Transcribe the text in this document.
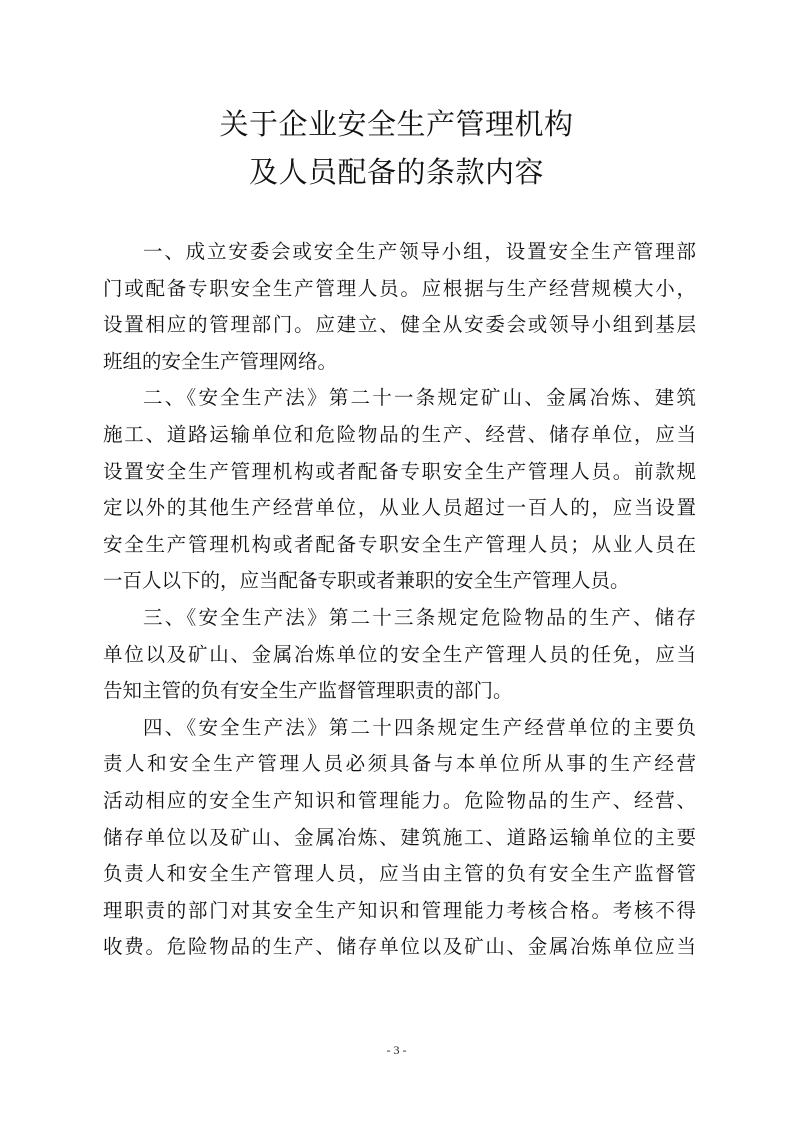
关于企业安全生产管理机构
及人员配备的条款内容
一、成立安委会或安全生产领导小组，设置安全生产管理部
门或配备专职安全生产管理人员。应根据与生产经营规模大小，
设置相应的管理部门。应建立、健全从安委会或领导小组到基层
班组的安全生产管理网络。
二、《安全生产法》第二十一条规定矿山、金属冶炼、建筑
施工、道路运输单位和危险物品的生产、经营、储存单位，应当
设置安全生产管理机构或者配备专职安全生产管理人员。前款规
定以外的其他生产经营单位，从业人员超过一百人的，应当设置
安全生产管理机构或者配备专职安全生产管理人员；从业人员在
一百人以下的，应当配备专职或者兼职的安全生产管理人员。
三、《安全生产法》第二十三条规定危险物品的生产、储存
单位以及矿山、金属冶炼单位的安全生产管理人员的任免，应当
告知主管的负有安全生产监督管理职责的部门。
四、《安全生产法》第二十四条规定生产经营单位的主要负
责人和安全生产管理人员必须具备与本单位所从事的生产经营
活动相应的安全生产知识和管理能力。危险物品的生产、经营、
储存单位以及矿山、金属冶炼、建筑施工、道路运输单位的主要
负责人和安全生产管理人员，应当由主管的负有安全生产监督管
理职责的部门对其安全生产知识和管理能力考核合格。考核不得
收费。危险物品的生产、储存单位以及矿山、金属冶炼单位应当
- 3 -
